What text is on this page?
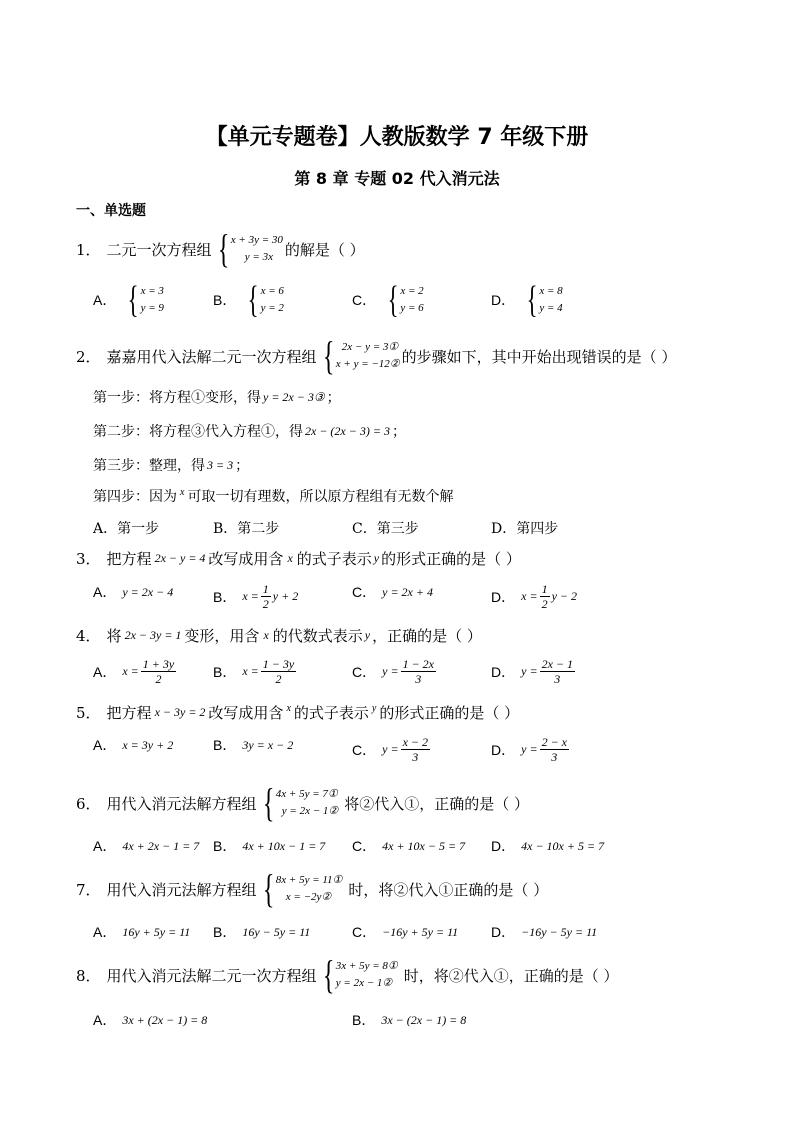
【单元专题卷】人教版数学 7 年级下册
第 8 章 专题 02 代入消元法
一、单选题
1． 二元一次方程组 { x + 3y = 30
y = 3x 的解是（ ）
A． { x = 3
y = 9	B． { x = 6
y = 2	C． { x = 2
y = 6	D． { x = 8
y = 4
2． 嘉嘉用代入法解二元一次方程组 { 2x − y = 3①
x + y = −12② 的步骤如下，其中开始出现错误的是（ ）
第一步：将方程①变形，得 y = 2x − 3③ ；
第二步：将方程③代入方程①，得 2x − (2x − 3) = 3 ；
第三步：整理，得 3 = 3 ；
第四步：因为 x 可取一切有理数，所以原方程组有无数个解
A．第一步	B．第二步	C．第三步	D．第四步
3． 把方程 2x − y = 4 改写成用含 x 的式子表示 y 的形式正确的是（ ）
A． y = 2x − 4	B． $x = \frac{1}{2}$ y + 2	C． y = 2x + 4	D． $x = \frac{1}{2}$ y − 2
4． 将 2x − 3y = 1 变形，用含 x 的代数式表示 y ，正确的是（ ）
A． $x = \frac{1 + 3y}{2}$	B． $x = \frac{1 - 3y}{2}$	C． $y = \frac{1 - 2x}{3}$	D． $y = \frac{2x - 1}{3}$
5． 把方程 x − 3y = 2 改写成用含 x 的式子表示 y 的形式正确的是（ ）
A． x = 3y + 2	B． 3y = x − 2	C． $y = \frac{x - 2}{3}$	D． $y = \frac{2 - x}{3}$
6． 用代入消元法解方程组 { 4x + 5y = 7①
y = 2x − 1② 将②代入①，正确的是（ ）
A． 4x + 2x − 1 = 7 B． 4x + 10x − 1 = 7 C． 4x + 10x − 5 = 7 D． 4x − 10x + 5 = 7
7． 用代入消元法解方程组 { 8x + 5y = 11①
x = −2y②	时，将②代入①正确的是（ ）
A． 16y + 5y = 11 B． 16y − 5y = 11	C． −16y + 5y = 11 D． −16y − 5y = 11
8． 用代入消元法解二元一次方程组 { 3x + 5y = 8①
y = 2x − 1② 时，将②代入①，正确的是（ ）
A． 3x + (2x − 1) = 8	B． 3x − (2x − 1) = 8
